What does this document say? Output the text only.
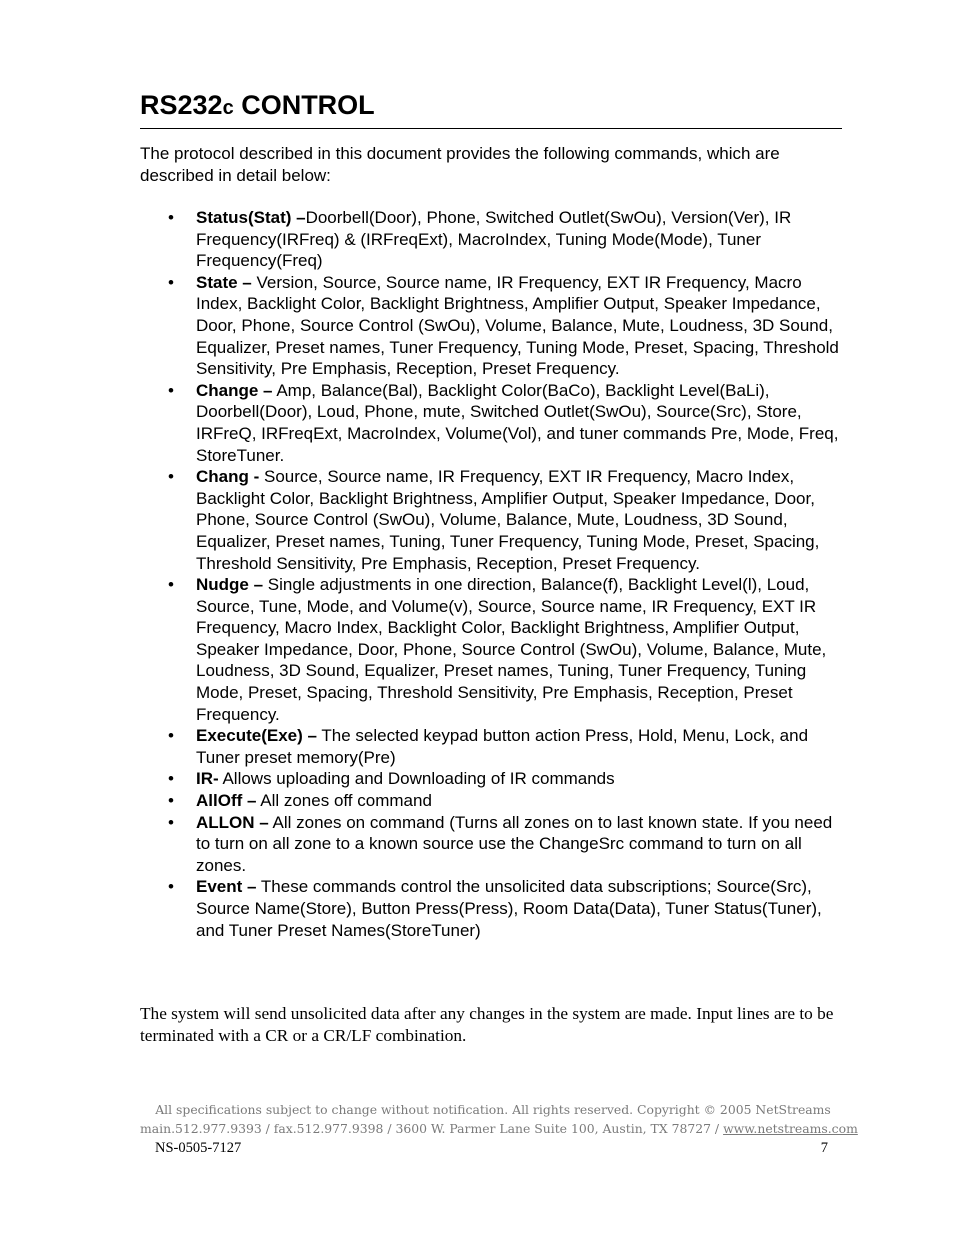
RS232c CONTROL

The protocol described in this document provides the following commands, which are described in detail below:

• Status(Stat) –Doorbell(Door), Phone, Switched Outlet(SwOu), Version(Ver), IR Frequency(IRFreq) & (IRFreqExt), MacroIndex, Tuning Mode(Mode), Tuner Frequency(Freq)
• State – Version, Source, Source name, IR Frequency, EXT IR Frequency, Macro Index, Backlight Color, Backlight Brightness, Amplifier Output, Speaker Impedance, Door, Phone, Source Control (SwOu), Volume, Balance, Mute, Loudness, 3D Sound, Equalizer, Preset names, Tuner Frequency, Tuning Mode, Preset, Spacing, Threshold Sensitivity, Pre Emphasis, Reception, Preset Frequency.
• Change – Amp, Balance(Bal), Backlight Color(BaCo), Backlight Level(BaLi), Doorbell(Door), Loud, Phone, mute, Switched Outlet(SwOu), Source(Src), Store, IRFreQ, IRFreqExt, MacroIndex, Volume(Vol), and tuner commands Pre, Mode, Freq, StoreTuner.
• Chang - Source, Source name, IR Frequency, EXT IR Frequency, Macro Index, Backlight Color, Backlight Brightness, Amplifier Output, Speaker Impedance, Door, Phone, Source Control (SwOu), Volume, Balance, Mute, Loudness, 3D Sound, Equalizer, Preset names, Tuning, Tuner Frequency, Tuning Mode, Preset, Spacing, Threshold Sensitivity, Pre Emphasis, Reception, Preset Frequency.
• Nudge – Single adjustments in one direction, Balance(f), Backlight Level(l), Loud, Source, Tune, Mode, and Volume(v), Source, Source name, IR Frequency, EXT IR Frequency, Macro Index, Backlight Color, Backlight Brightness, Amplifier Output, Speaker Impedance, Door, Phone, Source Control (SwOu), Volume, Balance, Mute, Loudness, 3D Sound, Equalizer, Preset names, Tuning, Tuner Frequency, Tuning Mode, Preset, Spacing, Threshold Sensitivity, Pre Emphasis, Reception, Preset Frequency.
• Execute(Exe) – The selected keypad button action Press, Hold, Menu, Lock, and Tuner preset memory(Pre)
• IR- Allows uploading and Downloading of IR commands
• AllOff – All zones off command
• ALLON – All zones on command (Turns all zones on to last known state. If you need to turn on all zone to a known source use the ChangeSrc command to turn on all zones.
• Event – These commands control the unsolicited data subscriptions; Source(Src), Source Name(Store), Button Press(Press), Room Data(Data), Tuner Status(Tuner), and Tuner Preset Names(StoreTuner)

The system will send unsolicited data after any changes in the system are made. Input lines are to be terminated with a CR or a CR/LF combination.

All specifications subject to change without notification. All rights reserved. Copyright © 2005 NetStreams
main.512.977.9393 / fax.512.977.9398 / 3600 W. Parmer Lane Suite 100, Austin, TX 78727 / www.netstreams.com
NS-0505-7127	7
